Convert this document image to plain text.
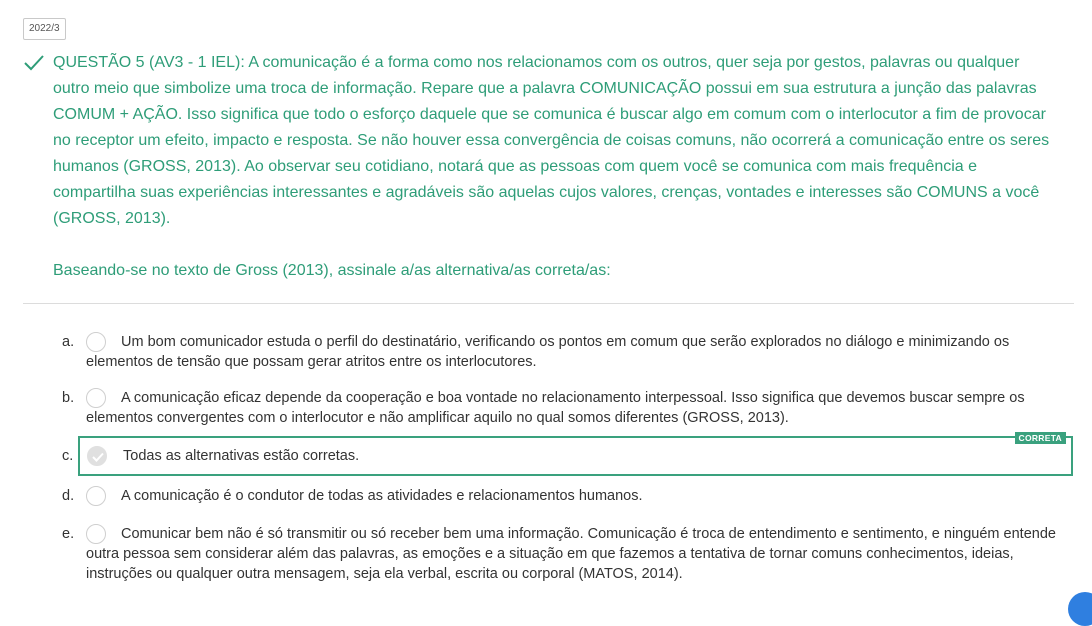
2022/3

QUESTÃO 5 (AV3 - 1 IEL): A comunicação é a forma como nos relacionamos com os outros, quer seja por gestos, palavras ou qualquer outro meio que simbolize uma troca de informação. Repare que a palavra COMUNICAÇÃO possui em sua estrutura a junção das palavras COMUM + AÇÃO. Isso significa que todo o esforço daquele que se comunica é buscar algo em comum com o interlocutor a fim de provocar no receptor um efeito, impacto e resposta. Se não houver essa convergência de coisas comuns, não ocorrerá a comunicação entre os seres humanos (GROSS, 2013). Ao observar seu cotidiano, notará que as pessoas com quem você se comunica com mais frequência e compartilha suas experiências interessantes e agradáveis são aquelas cujos valores, crenças, vontades e interesses são COMUNS a você (GROSS, 2013).

Baseando-se no texto de Gross (2013), assinale a/as alternativa/as correta/as:

a.	Um bom comunicador estuda o perfil do destinatário, verificando os pontos em comum que serão explorados no diálogo e minimizando os elementos de tensão que possam gerar atritos entre os interlocutores.
b.	A comunicação eficaz depende da cooperação e boa vontade no relacionamento interpessoal. Isso significa que devemos buscar sempre os elementos convergentes com o interlocutor e não amplificar aquilo no qual somos diferentes (GROSS, 2013).
CORRETA
c.	Todas as alternativas estão corretas.
d.	A comunicação é o condutor de todas as atividades e relacionamentos humanos.
e.	Comunicar bem não é só transmitir ou só receber bem uma informação. Comunicação é troca de entendimento e sentimento, e ninguém entende outra pessoa sem considerar além das palavras, as emoções e a situação em que fazemos a tentativa de tornar comuns conhecimentos, ideias, instruções ou qualquer outra mensagem, seja ela verbal, escrita ou corporal (MATOS, 2014).
